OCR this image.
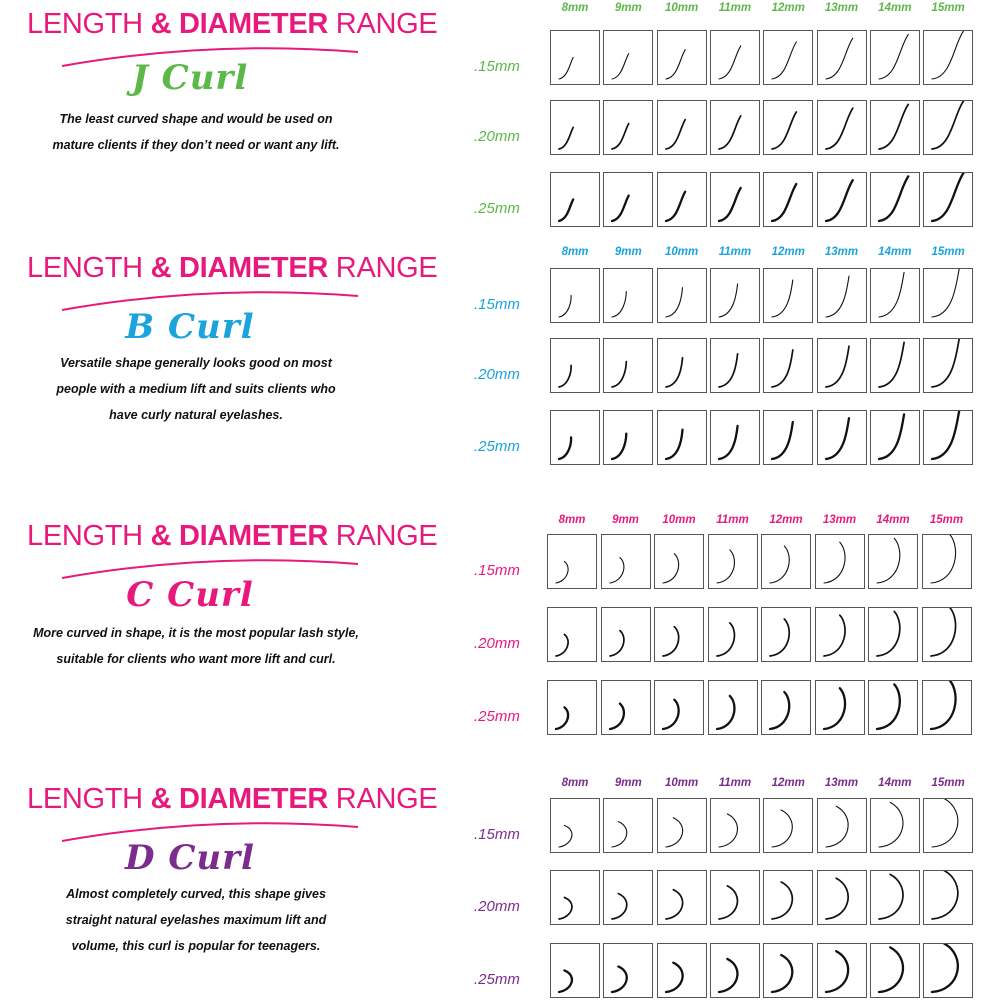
LENGTH & DIAMETER RANGE
J Curl
The least curved shape and would be used on
mature clients if they don’t need or want any lift.
8mm	9mm	10mm	11mm	12mm	13mm	14mm	15mm
.15mm
.20mm
.25mm
LENGTH & DIAMETER RANGE
B Curl
Versatile shape generally looks good on most
people with a medium lift and suits clients who
have curly natural eyelashes.
8mm	9mm	10mm	11mm	12mm	13mm	14mm	15mm
.15mm
.20mm
.25mm
LENGTH & DIAMETER RANGE
C Curl
More curved in shape, it is the most popular lash style,
suitable for clients who want more lift and curl.
8mm	9mm	10mm	11mm	12mm	13mm	14mm	15mm
.15mm
.20mm
.25mm
LENGTH & DIAMETER RANGE
D Curl
Almost completely curved, this shape gives
straight natural eyelashes maximum lift and
volume, this curl is popular for teenagers.
8mm	9mm	10mm	11mm	12mm	13mm	14mm	15mm
.15mm
.20mm
.25mm
